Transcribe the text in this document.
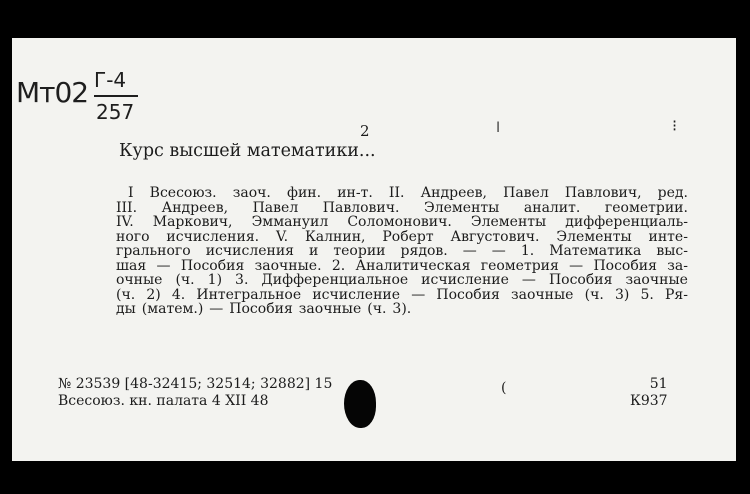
Мт02 Г-4
257
2	ǀ	⁝
Курс высшей математики...
I Всесоюз. заоч. фин. ин-т. II. Андреев, Павел Павлович, ред.
III. Андреев, Павел Павлович. Элементы аналит. геометрии.
IV. Маркович, Эммануил Соломонович. Элементы дифференциаль-
ного исчисления. V. Калнин, Роберт Августович. Элементы инте-
грального исчисления и теории рядов. — — 1. Математика выс-
шая — Пособия заочные. 2. Аналитическая геометрия — Пособия за-
очные (ч. 1) 3. Дифференциальное исчисление — Пособия заочные
(ч. 2) 4. Интегральное исчисление — Пособия заочные (ч. 3) 5. Ря-
ды (матем.) — Пособия заочные (ч. 3).
№ 23539 [48-32415; 32514; 32882] 15
Всесоюз. кн. палата 4 XII 48
(	51
К937
